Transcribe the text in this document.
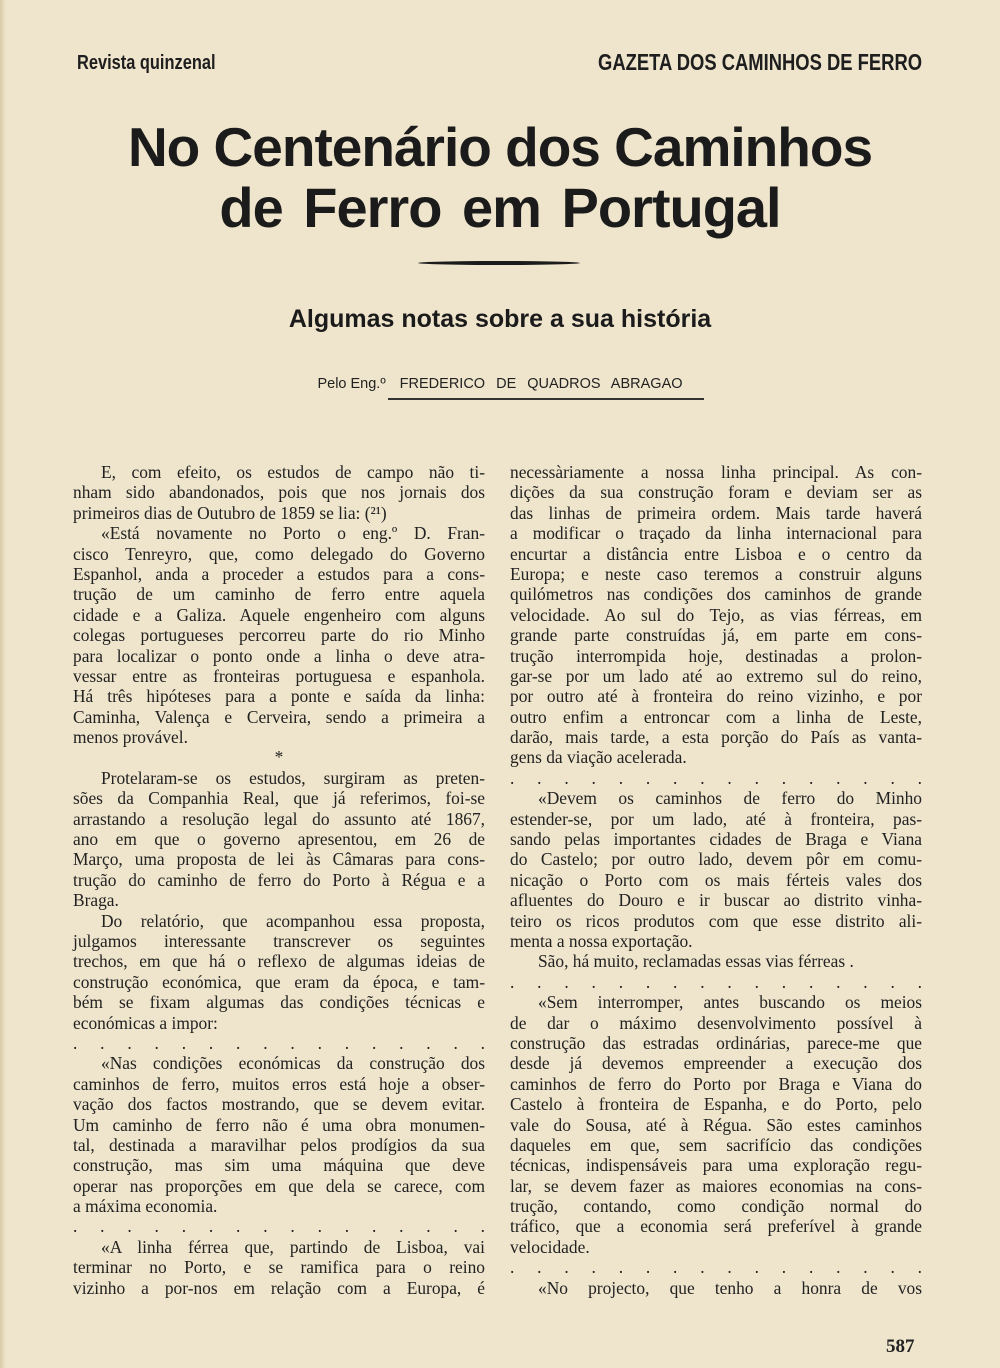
Revista quinzenal	GAZETA DOS CAMINHOS DE FERRO
No Centenário dos Caminhos
de Ferro em Portugal
Algumas notas sobre a sua história
Pelo Eng.º FREDERICO DE QUADROS ABRAGAO
E, com efeito, os estudos de campo não ti-
nham sido abandonados, pois que nos jornais dos
primeiros dias de Outubro de 1859 se lia: (²¹)
«Está novamente no Porto o eng.º D. Fran-
cisco Tenreyro, que, como delegado do Governo
Espanhol, anda a proceder a estudos para a cons-
trução de um caminho de ferro entre aquela
cidade e a Galiza. Aquele engenheiro com alguns
colegas portugueses percorreu parte do rio Minho
para localizar o ponto onde a linha o deve atra-
vessar entre as fronteiras portuguesa e espanhola.
Há três hipóteses para a ponte e saída da linha:
Caminha, Valença e Cerveira, sendo a primeira a
menos provável.
*
Protelaram-se os estudos, surgiram as preten-
sões da Companhia Real, que já referimos, foi-se
arrastando a resolução legal do assunto até 1867,
ano em que o governo apresentou, em 26 de
Março, uma proposta de lei às Câmaras para cons-
trução do caminho de ferro do Porto à Régua e a
Braga.
Do relatório, que acompanhou essa proposta,
julgamos interessante transcrever os seguintes
trechos, em que há o reflexo de algumas ideias de
construção económica, que eram da época, e tam-
bém se fixam algumas das condições técnicas e
económicas a impor:
. . . . . . . . . . . . . . . .
«Nas condições económicas da construção dos
caminhos de ferro, muitos erros está hoje a obser-
vação dos factos mostrando, que se devem evitar.
Um caminho de ferro não é uma obra monumen-
tal, destinada a maravilhar pelos prodígios da sua
construção, mas sim uma máquina que deve
operar nas proporções em que dela se carece, com
a máxima economia.
. . . . . . . . . . . . . . . .
«A linha férrea que, partindo de Lisboa, vai
terminar no Porto, e se ramifica para o reino
vizinho a por-nos em relação com a Europa, é
necessàriamente a nossa linha principal. As con-
dições da sua construção foram e deviam ser as
das linhas de primeira ordem. Mais tarde haverá
a modificar o traçado da linha internacional para
encurtar a distância entre Lisboa e o centro da
Europa; e neste caso teremos a construir alguns
quilómetros nas condições dos caminhos de grande
velocidade. Ao sul do Tejo, as vias férreas, em
grande parte construídas já, em parte em cons-
trução interrompida hoje, destinadas a prolon-
gar-se por um lado até ao extremo sul do reino,
por outro até à fronteira do reino vizinho, e por
outro enfim a entroncar com a linha de Leste,
darão, mais tarde, a esta porção do País as vanta-
gens da viação acelerada.
. . . . . . . . . . . . . . . .
«Devem os caminhos de ferro do Minho
estender-se, por um lado, até à fronteira, pas-
sando pelas importantes cidades de Braga e Viana
do Castelo; por outro lado, devem pôr em comu-
nicação o Porto com os mais férteis vales dos
afluentes do Douro e ir buscar ao distrito vinha-
teiro os ricos produtos com que esse distrito ali-
menta a nossa exportação.
São, há muito, reclamadas essas vias férreas .
. . . . . . . . . . . . . . . .
«Sem interromper, antes buscando os meios
de dar o máximo desenvolvimento possível à
construção das estradas ordinárias, parece-me que
desde já devemos empreender a execução dos
caminhos de ferro do Porto por Braga e Viana do
Castelo à fronteira de Espanha, e do Porto, pelo
vale do Sousa, até à Régua. São estes caminhos
daqueles em que, sem sacrifício das condições
técnicas, indispensáveis para uma exploração regu-
lar, se devem fazer as maiores economias na cons-
trução, contando, como condição normal do
tráfico, que a economia será preferível à grande
velocidade.
. . . . . . . . . . . . . . . .
«No projecto, que tenho a honra de vos
587
